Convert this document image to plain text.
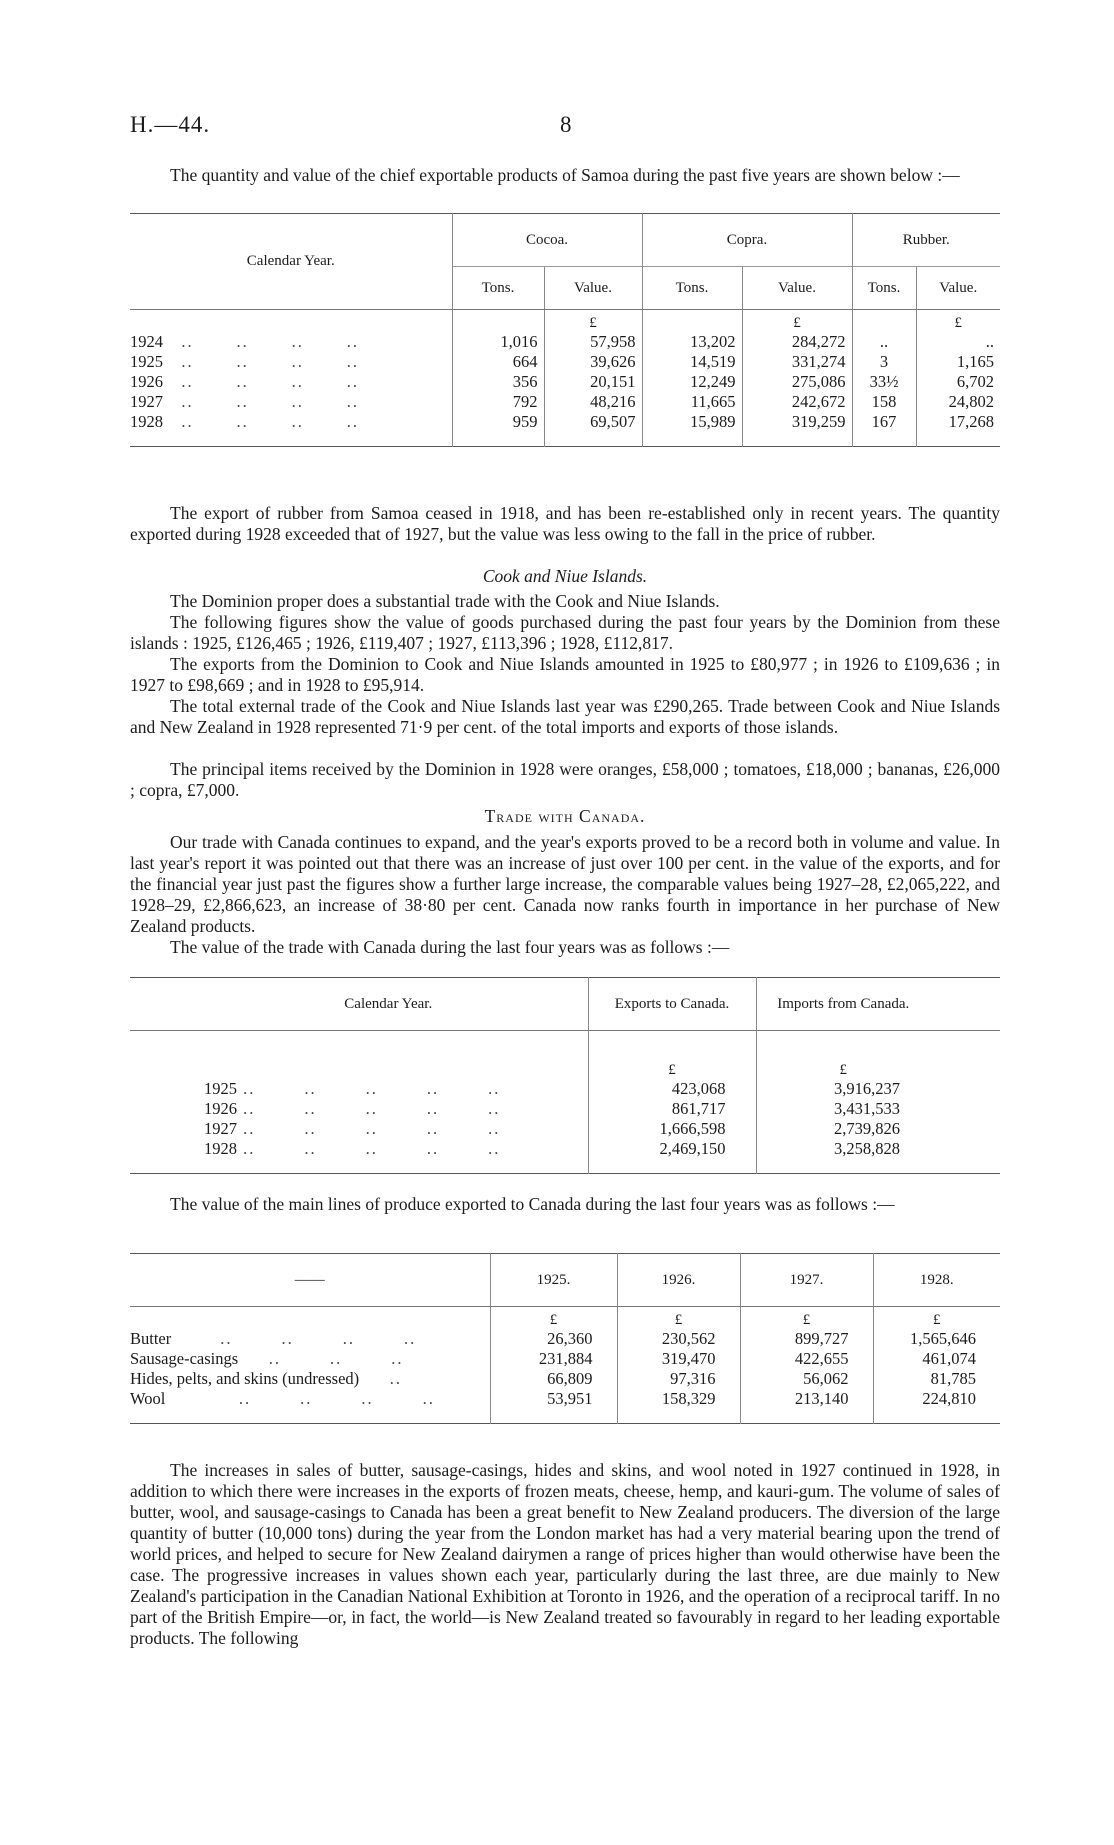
H.—44.	8
The quantity and value of the chief exportable products of Samoa during the past five years are shown below :—
Calendar Year.	Cocoa.		Copra.		Rubber.	
	Tons.	Value.	Tons.	Value.	Tons.	Value.
		£		£		£
1924   ..       ..       ..       ..	1,016	57,958	13,202	284,272	..	..
1925   ..       ..       ..       ..	664	39,626	14,519	331,274	3	1,165
1926   ..       ..       ..       ..	356	20,151	12,249	275,086	33½	6,702
1927   ..       ..       ..       ..	792	48,216	11,665	242,672	158	24,802
1928   ..       ..       ..       ..	959	69,507	15,989	319,259	167	17,268

The export of rubber from Samoa ceased in 1918, and has been re-established only in recent years. The quantity exported during 1928 exceeded that of 1927, but the value was less owing to the fall in the price of rubber.
Cook and Niue Islands.
The Dominion proper does a substantial trade with the Cook and Niue Islands.
The following figures show the value of goods purchased during the past four years by the Dominion from these islands : 1925, £126,465 ; 1926, £119,407 ; 1927, £113,396 ; 1928, £112,817.
The exports from the Dominion to Cook and Niue Islands amounted in 1925 to £80,977 ; in 1926 to £109,636 ; in 1927 to £98,669 ; and in 1928 to £95,914.
The total external trade of the Cook and Niue Islands last year was £290,265. Trade between Cook and Niue Islands and New Zealand in 1928 represented 71·9 per cent. of the total imports and exports of those islands.
The principal items received by the Dominion in 1928 were oranges, £58,000 ; tomatoes, £18,000 ; bananas, £26,000 ; copra, £7,000.
Trade with Canada.
Our trade with Canada continues to expand, and the year's exports proved to be a record both in volume and value. In last year's report it was pointed out that there was an increase of just over 100 per cent. in the value of the exports, and for the financial year just past the figures show a further large increase, the comparable values being 1927–28, £2,065,222, and 1928–29, £2,866,623, an increase of 38·80 per cent. Canada now ranks fourth in importance in her purchase of New Zealand products.
The value of the trade with Canada during the last four years was as follows :—
Calendar Year.	Exports to Canada.	Imports from Canada.	

	£	£	
1925 ..        ..        ..        ..        ..	423,068	3,916,237	
1926 ..        ..        ..        ..        ..	861,717	3,431,533	
1927 ..        ..        ..        ..        ..	1,666,598	2,739,826	
1928 ..        ..        ..        ..        ..	2,469,150	3,258,828	

The value of the main lines of produce exported to Canada during the last four years was as follows :—
——	1925.	1926.	1927.	1928.
	£	£	£	£
Butter        ..        ..        ..        ..	26,360	230,562	899,727	1,565,646
Sausage-casings     ..        ..        ..	231,884	319,470	422,655	461,074
Hides, pelts, and skins (undressed)     ..	66,809	97,316	56,062	81,785
Wool            ..        ..        ..        ..	53,951	158,329	213,140	224,810

The increases in sales of butter, sausage-casings, hides and skins, and wool noted in 1927 continued in 1928, in addition to which there were increases in the exports of frozen meats, cheese, hemp, and kauri-gum. The volume of sales of butter, wool, and sausage-casings to Canada has been a great benefit to New Zealand producers. The diversion of the large quantity of butter (10,000 tons) during the year from the London market has had a very material bearing upon the trend of world prices, and helped to secure for New Zealand dairymen a range of prices higher than would otherwise have been the case. The progressive increases in values shown each year, particularly during the last three, are due mainly to New Zealand's participation in the Canadian National Exhibition at Toronto in 1926, and the operation of a reciprocal tariff. In no part of the British Empire—or, in fact, the world—is New Zealand treated so favourably in regard to her leading exportable products. The following
